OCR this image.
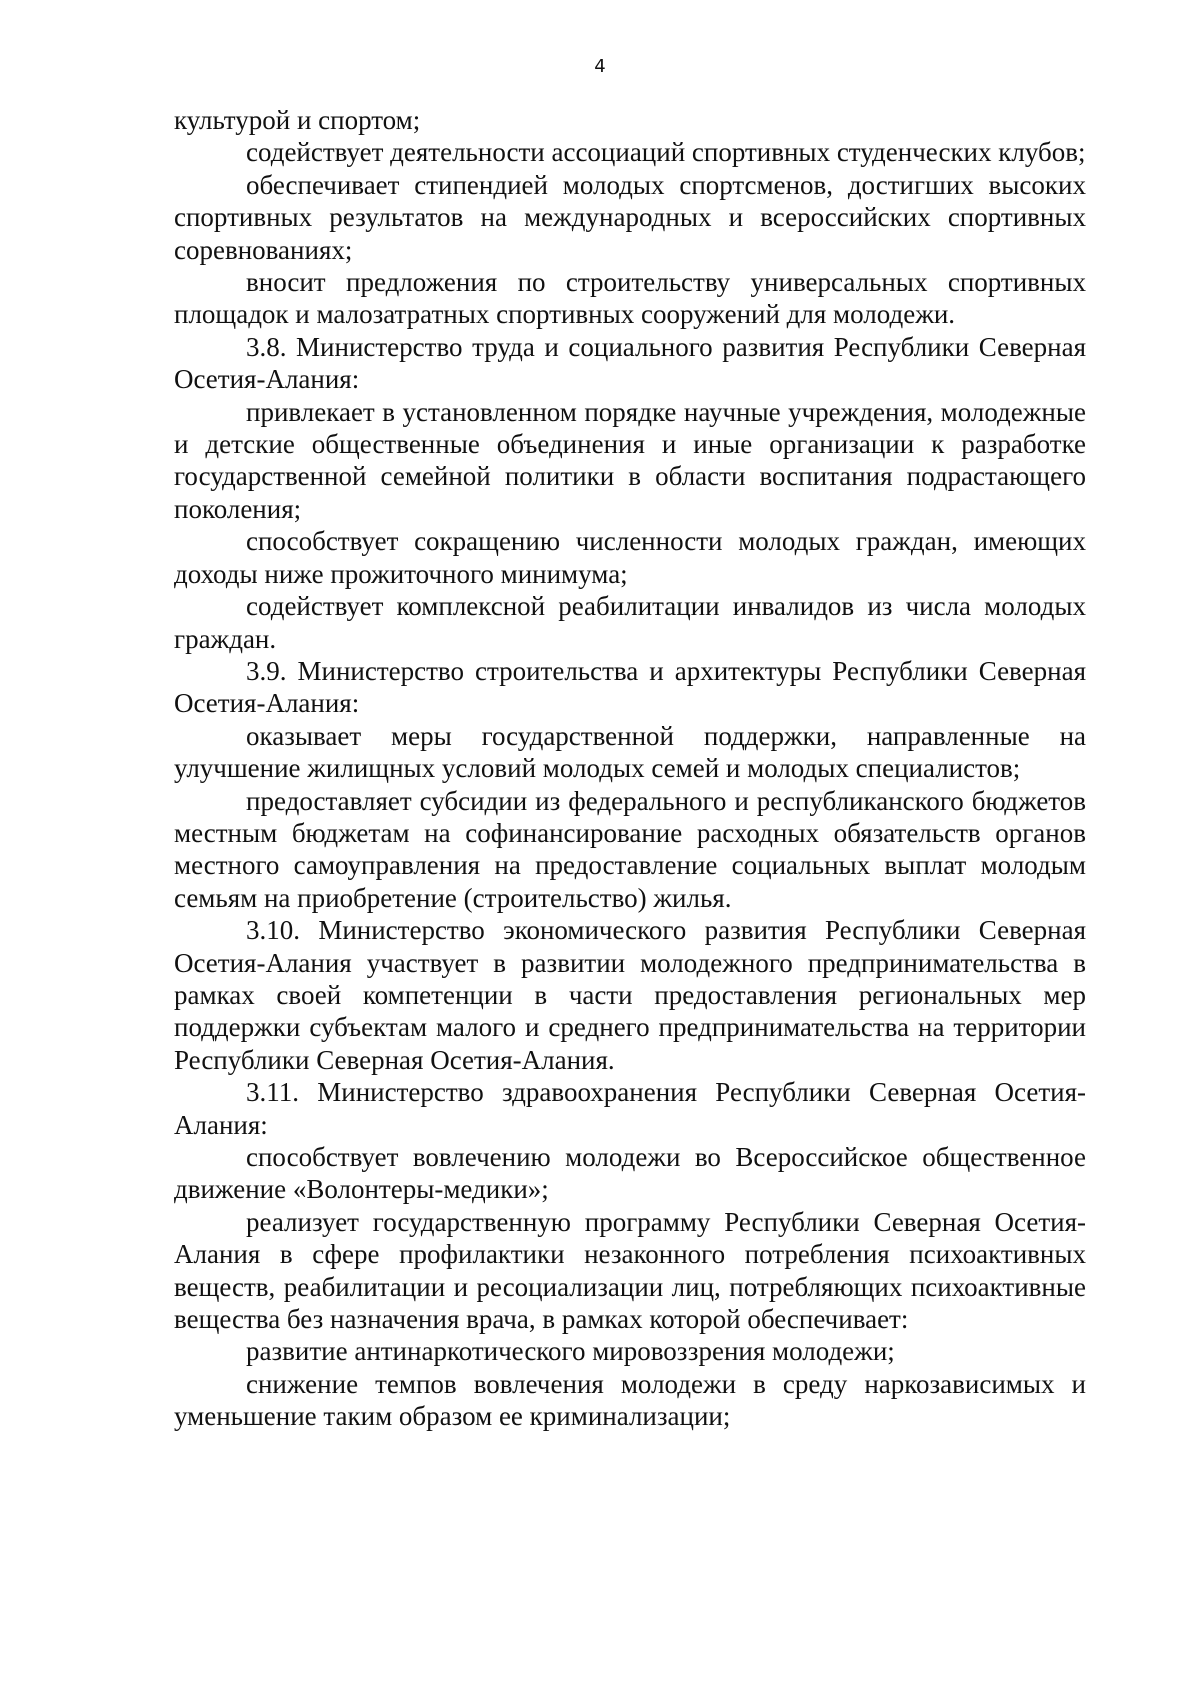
4

культурой и спортом;

содействует деятельности ассоциаций спортивных студенческих клубов;

обеспечивает стипендией молодых спортсменов, достигших высоких спортивных результатов на международных и всероссийских спортивных соревнованиях;

вносит предложения по строительству универсальных спортивных площадок и малозатратных спортивных сооружений для молодежи.

3.8. Министерство труда и социального развития Республики Северная Осетия-Алания:

привлекает в установленном порядке научные учреждения, молодежные и детские общественные объединения и иные организации к разработке государственной семейной политики в области воспитания подрастающего поколения;

способствует сокращению численности молодых граждан, имеющих доходы ниже прожиточного минимума;

содействует комплексной реабилитации инвалидов из числа молодых граждан.

3.9. Министерство строительства и архитектуры Республики Северная Осетия-Алания:

оказывает меры государственной поддержки, направленные на улучшение жилищных условий молодых семей и молодых специалистов;

предоставляет субсидии из федерального и республиканского бюджетов местным бюджетам на софинансирование расходных обязательств органов местного самоуправления на предоставление социальных выплат молодым семьям на приобретение (строительство) жилья.

3.10. Министерство экономического развития Республики Северная Осетия-Алания участвует в развитии молодежного предпринимательства в рамках своей компетенции в части предоставления региональных мер поддержки субъектам малого и среднего предпринимательства на территории Республики Северная Осетия-Алания.

3.11. Министерство здравоохранения Республики Северная Осетия-Алания:

способствует вовлечению молодежи во Всероссийское общественное движение «Волонтеры-медики»;

реализует государственную программу Республики Северная Осетия-Алания в сфере профилактики незаконного потребления психоактивных веществ, реабилитации и ресоциализации лиц, потребляющих психоактивные вещества без назначения врача, в рамках которой обеспечивает:

развитие антинаркотического мировоззрения молодежи;

снижение темпов вовлечения молодежи в среду наркозависимых и уменьшение таким образом ее криминализации;
